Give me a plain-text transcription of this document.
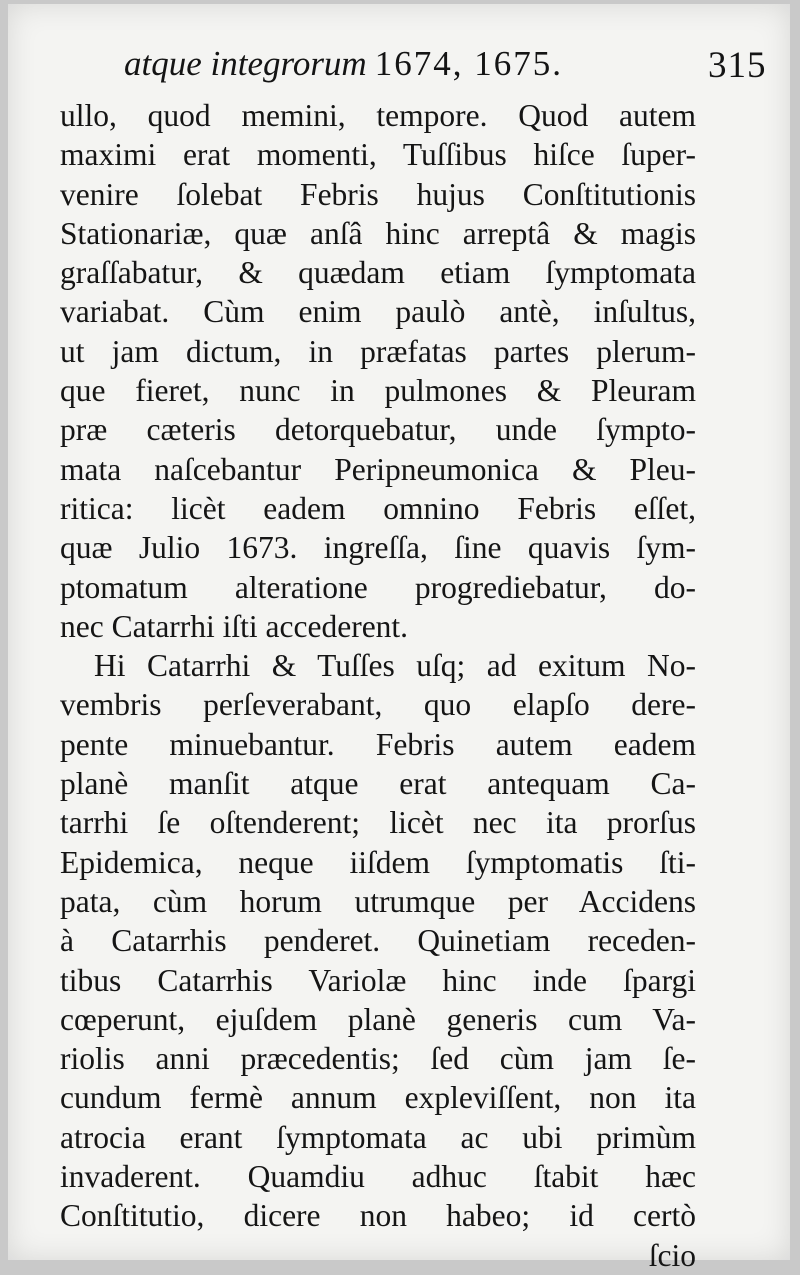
atque integrorum 1674, 1675.	315
ullo, quod memini, tempore. Quod autem
maximi erat momenti, Tuſſibus hiſce ſuper-
venire ſolebat Febris hujus Conſtitutionis
Stationariæ, quæ anſâ hinc arreptâ & magis
graſſabatur, & quædam etiam ſymptomata
variabat. Cùm enim paulò antè, inſultus,
ut jam dictum, in præfatas partes plerum-
que fieret, nunc in pulmones & Pleuram
præ cæteris detorquebatur, unde ſympto-
mata naſcebantur Peripneumonica & Pleu-
ritica: licèt eadem omnino Febris eſſet,
quæ Julio 1673. ingreſſa, ſine quavis ſym-
ptomatum alteratione progrediebatur, do-
nec Catarrhi iſti accederent.
Hi Catarrhi & Tuſſes uſq; ad exitum No-
vembris perſeverabant, quo elapſo dere-
pente minuebantur. Febris autem eadem
planè manſit atque erat antequam Ca-
tarrhi ſe oſtenderent; licèt nec ita prorſus
Epidemica, neque iiſdem ſymptomatis ſti-
pata, cùm horum utrumque per Accidens
à Catarrhis penderet. Quinetiam receden-
tibus Catarrhis Variolæ hinc inde ſpargi
cœperunt, ejuſdem planè generis cum Va-
riolis anni præcedentis; ſed cùm jam ſe-
cundum fermè annum expleviſſent, non ita
atrocia erant ſymptomata ac ubi primùm
invaderent. Quamdiu adhuc ſtabit hæc
Conſtitutio, dicere non habeo; id certò
ſcio
